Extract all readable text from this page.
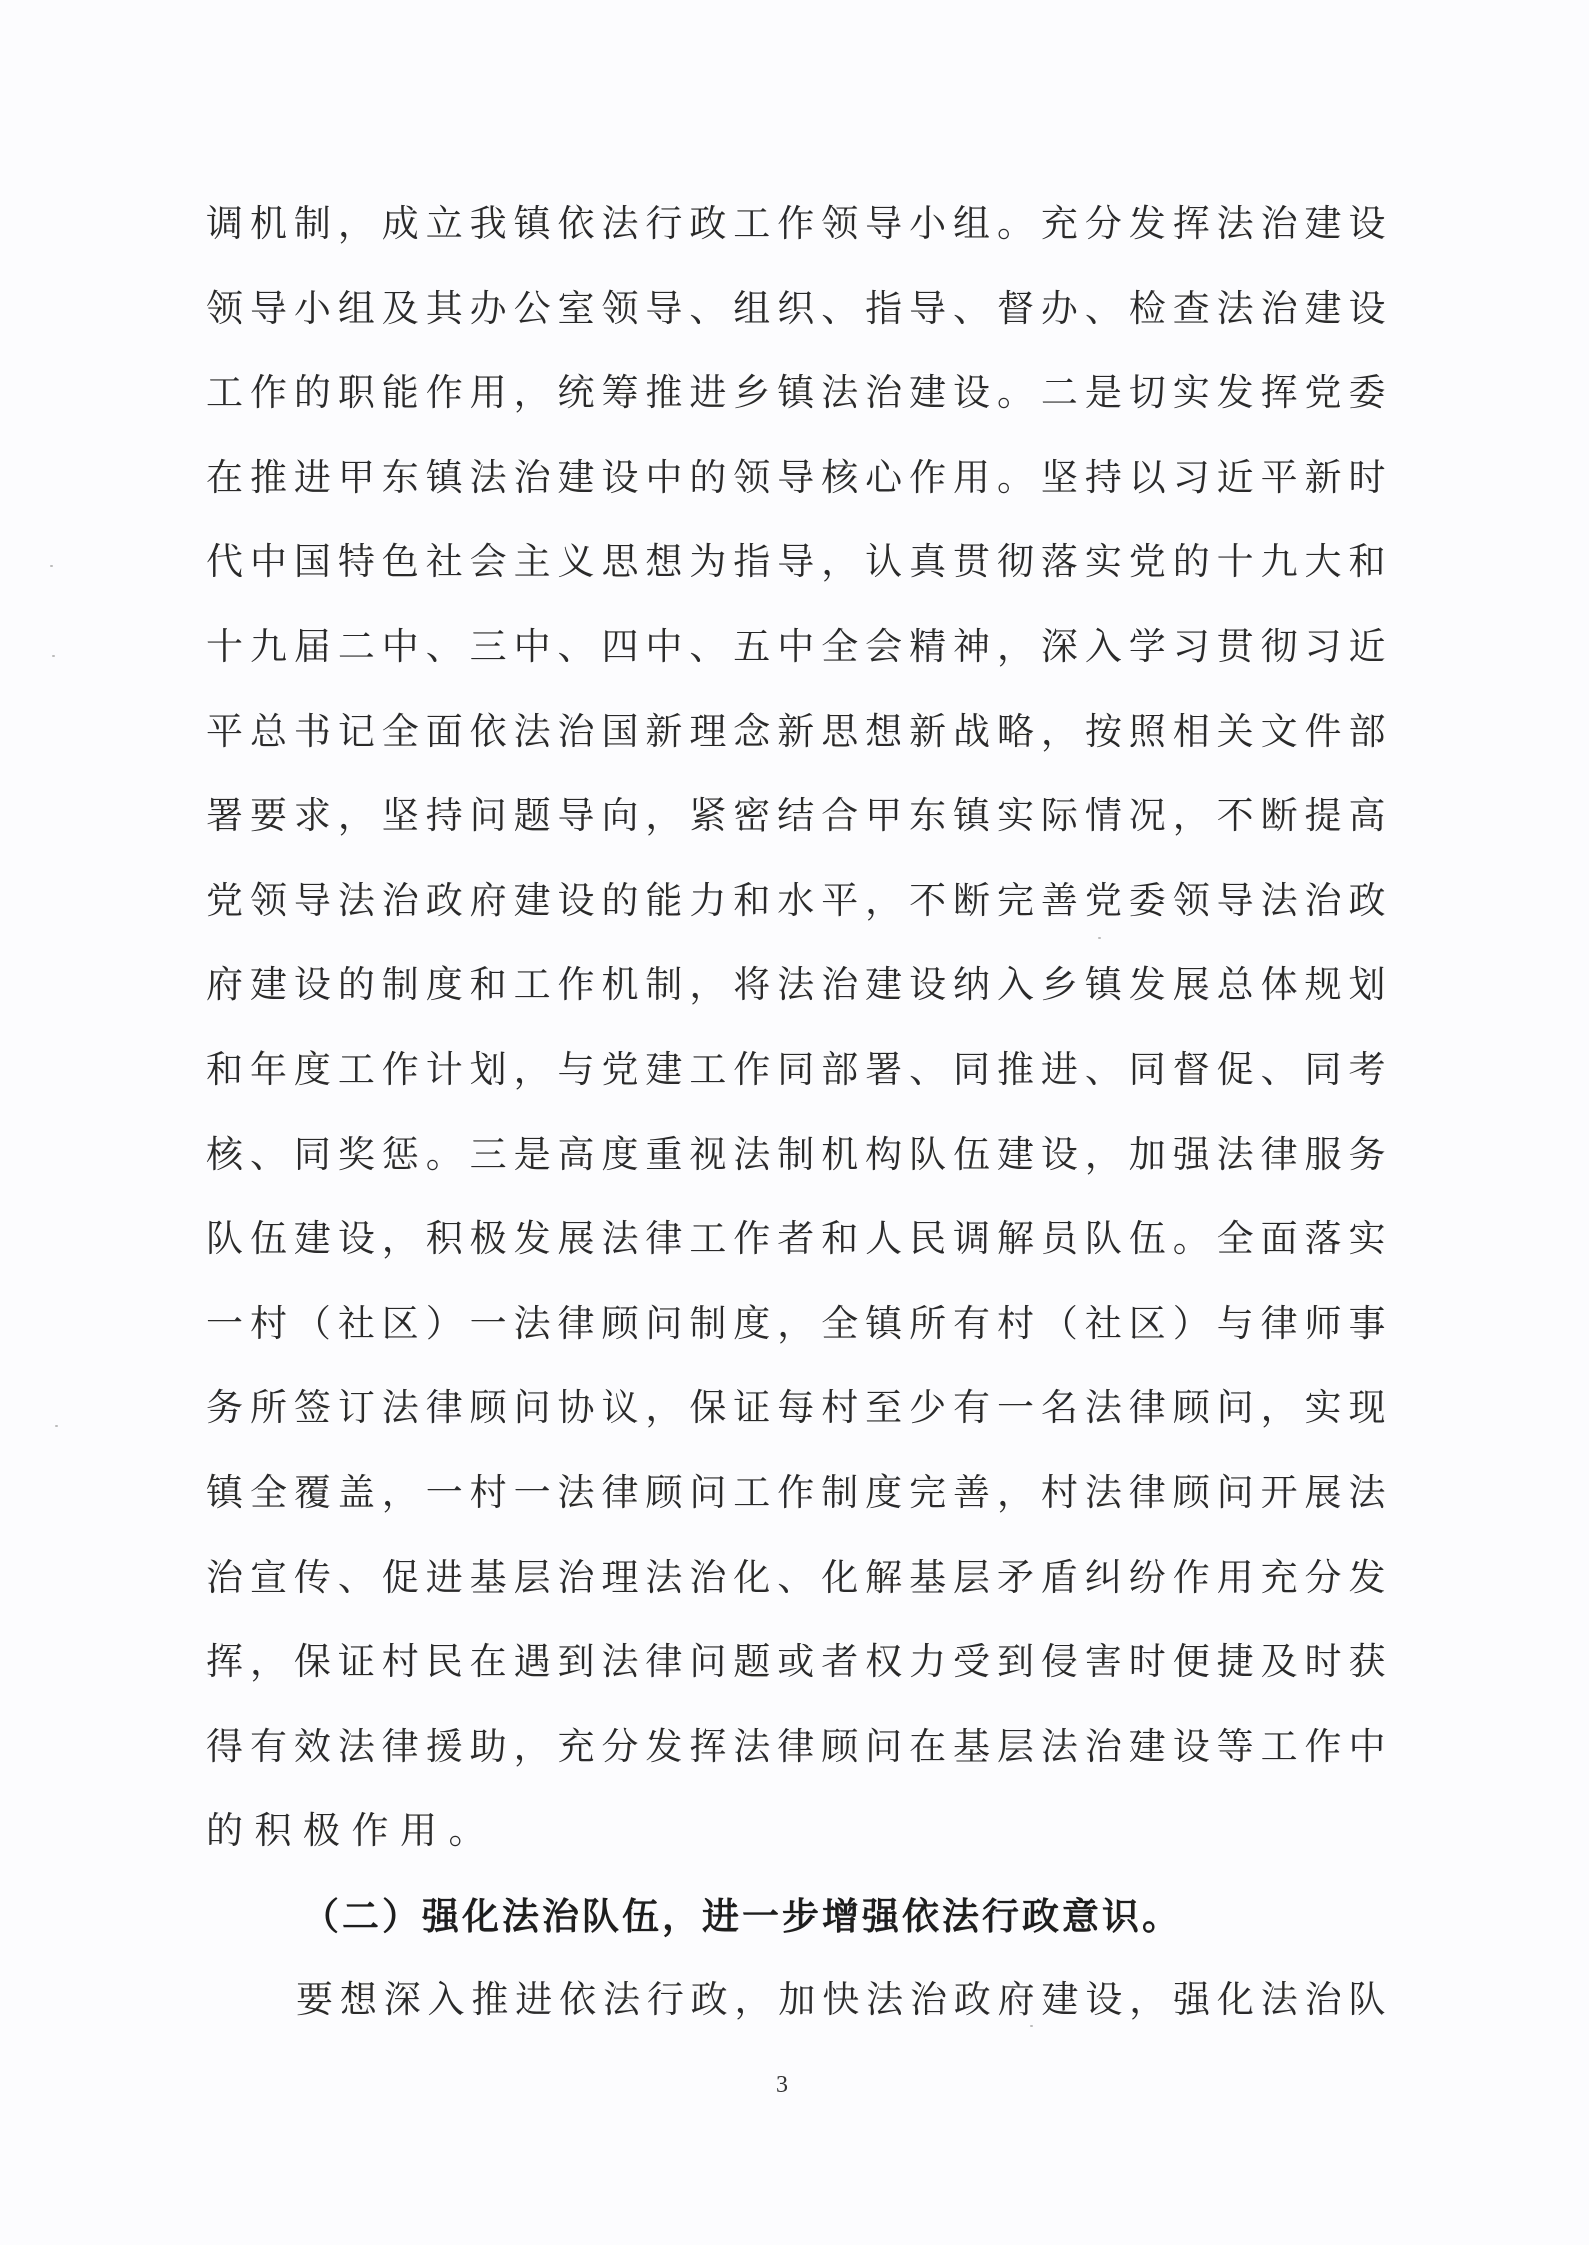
调机制，成立我镇依法行政工作领导小组。充分发挥法治建设
领导小组及其办公室领导、组织、指导、督办、检查法治建设
工作的职能作用，统筹推进乡镇法治建设。二是切实发挥党委
在推进甲东镇法治建设中的领导核心作用。坚持以习近平新时
代中国特色社会主义思想为指导，认真贯彻落实党的十九大和
十九届二中、三中、四中、五中全会精神，深入学习贯彻习近
平总书记全面依法治国新理念新思想新战略，按照相关文件部
署要求，坚持问题导向，紧密结合甲东镇实际情况，不断提高
党领导法治政府建设的能力和水平，不断完善党委领导法治政
府建设的制度和工作机制，将法治建设纳入乡镇发展总体规划
和年度工作计划，与党建工作同部署、同推进、同督促、同考
核、同奖惩。三是高度重视法制机构队伍建设，加强法律服务
队伍建设，积极发展法律工作者和人民调解员队伍。全面落实
一村（社区）一法律顾问制度，全镇所有村（社区）与律师事
务所签订法律顾问协议，保证每村至少有一名法律顾问，实现
镇全覆盖，一村一法律顾问工作制度完善，村法律顾问开展法
治宣传、促进基层治理法治化、化解基层矛盾纠纷作用充分发
挥，保证村民在遇到法律问题或者权力受到侵害时便捷及时获
得有效法律援助，充分发挥法律顾问在基层法治建设等工作中
的积极作用。
（二）强化法治队伍，进一步增强依法行政意识。
要想深入推进依法行政，加快法治政府建设，强化法治队
3
